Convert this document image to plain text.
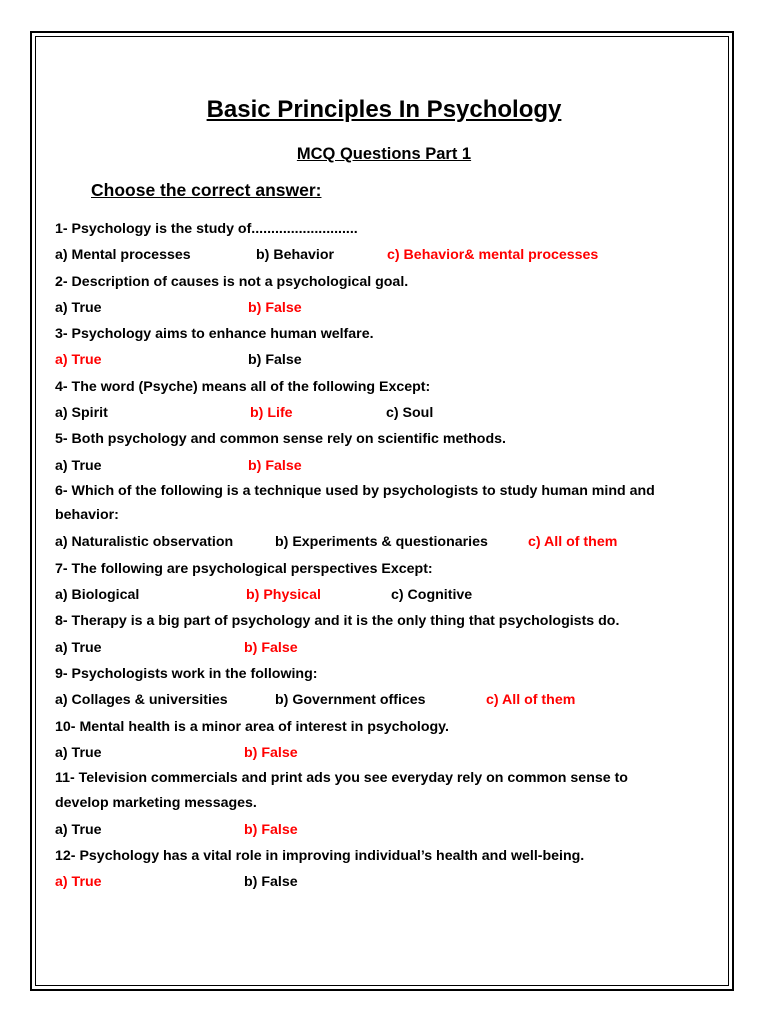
Basic Principles In Psychology
MCQ Questions Part 1
Choose the correct answer:

1- Psychology is the study of...........................

a) Mental processes	b) Behavior	c) Behavior& mental processes

2- Description of causes is not a psychological goal.

a) True	b) False

3- Psychology aims to enhance human welfare.

a) True	b) False

4- The word (Psyche) means all of the following Except:

a) Spirit	b) Life	c) Soul

5- Both psychology and common sense rely on scientific methods.

a) True	b) False

6- Which of the following is a technique used by psychologists to study human mind and behavior:

a) Naturalistic observation	b) Experiments & questionaries	c) All of them

7- The following are psychological perspectives Except:

a) Biological	b) Physical	c) Cognitive

8- Therapy is a big part of psychology and it is the only thing that psychologists do.

a) True	b) False

9- Psychologists work in the following:

a) Collages & universities	b) Government offices	c) All of them

10- Mental health is a minor area of interest in psychology.

a) True	b) False

11- Television commercials and print ads you see everyday rely on common sense to develop marketing messages.

a) True	b) False

12- Psychology has a vital role in improving individual’s health and well-being.

a) True	b) False
